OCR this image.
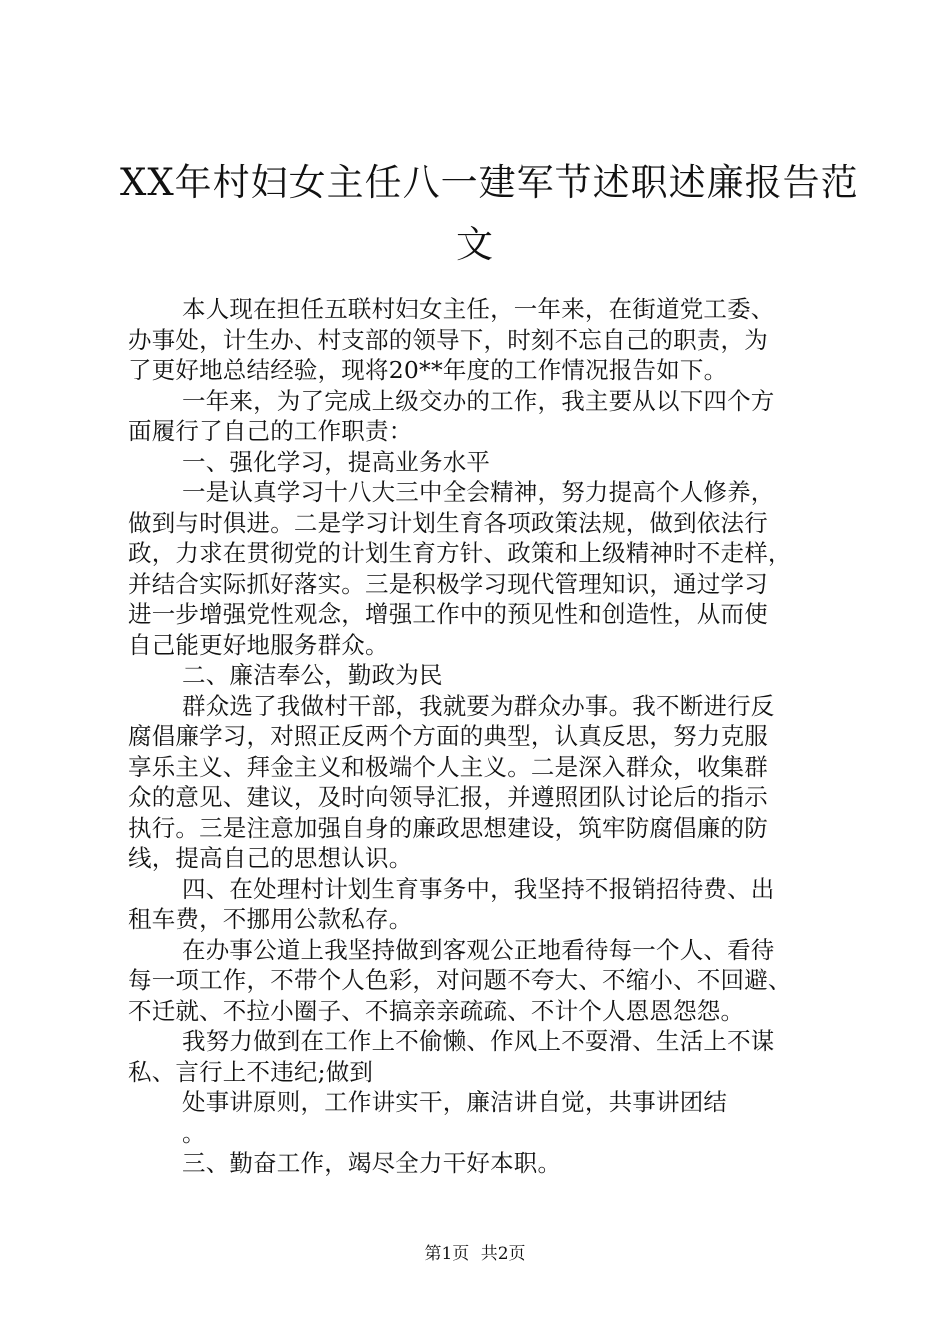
XX年村妇女主任八一建军节述职述廉报告范
文
本人现在担任五联村妇女主任，一年来，在街道党工委、
办事处，计生办、村支部的领导下，时刻不忘自己的职责，为
了更好地总结经验，现将20**年度的工作情况报告如下。
一年来，为了完成上级交办的工作，我主要从以下四个方
面履行了自己的工作职责：
一、强化学习，提高业务水平
一是认真学习十八大三中全会精神，努力提高个人修养，
做到与时俱进。二是学习计划生育各项政策法规，做到依法行
政，力求在贯彻党的计划生育方针、政策和上级精神时不走样，
并结合实际抓好落实。三是积极学习现代管理知识，通过学习
进一步增强党性观念，增强工作中的预见性和创造性，从而使
自己能更好地服务群众。
二、廉洁奉公，勤政为民
群众选了我做村干部，我就要为群众办事。我不断进行反
腐倡廉学习，对照正反两个方面的典型，认真反思，努力克服
享乐主义、拜金主义和极端个人主义。二是深入群众，收集群
众的意见、建议，及时向领导汇报，并遵照团队讨论后的指示
执行。三是注意加强自身的廉政思想建设，筑牢防腐倡廉的防
线，提高自己的思想认识。
四、在处理村计划生育事务中，我坚持不报销招待费、出
租车费，不挪用公款私存。
在办事公道上我坚持做到客观公正地看待每一个人、看待
每一项工作，不带个人色彩，对问题不夸大、不缩小、不回避、
不迁就、不拉小圈子、不搞亲亲疏疏、不计个人恩恩怨怨。
我努力做到在工作上不偷懒、作风上不耍滑、生活上不谋
私、言行上不违纪;做到
处事讲原则，工作讲实干，廉洁讲自觉，共事讲团结
。
三、勤奋工作，竭尽全力干好本职。
第1页 共2页
